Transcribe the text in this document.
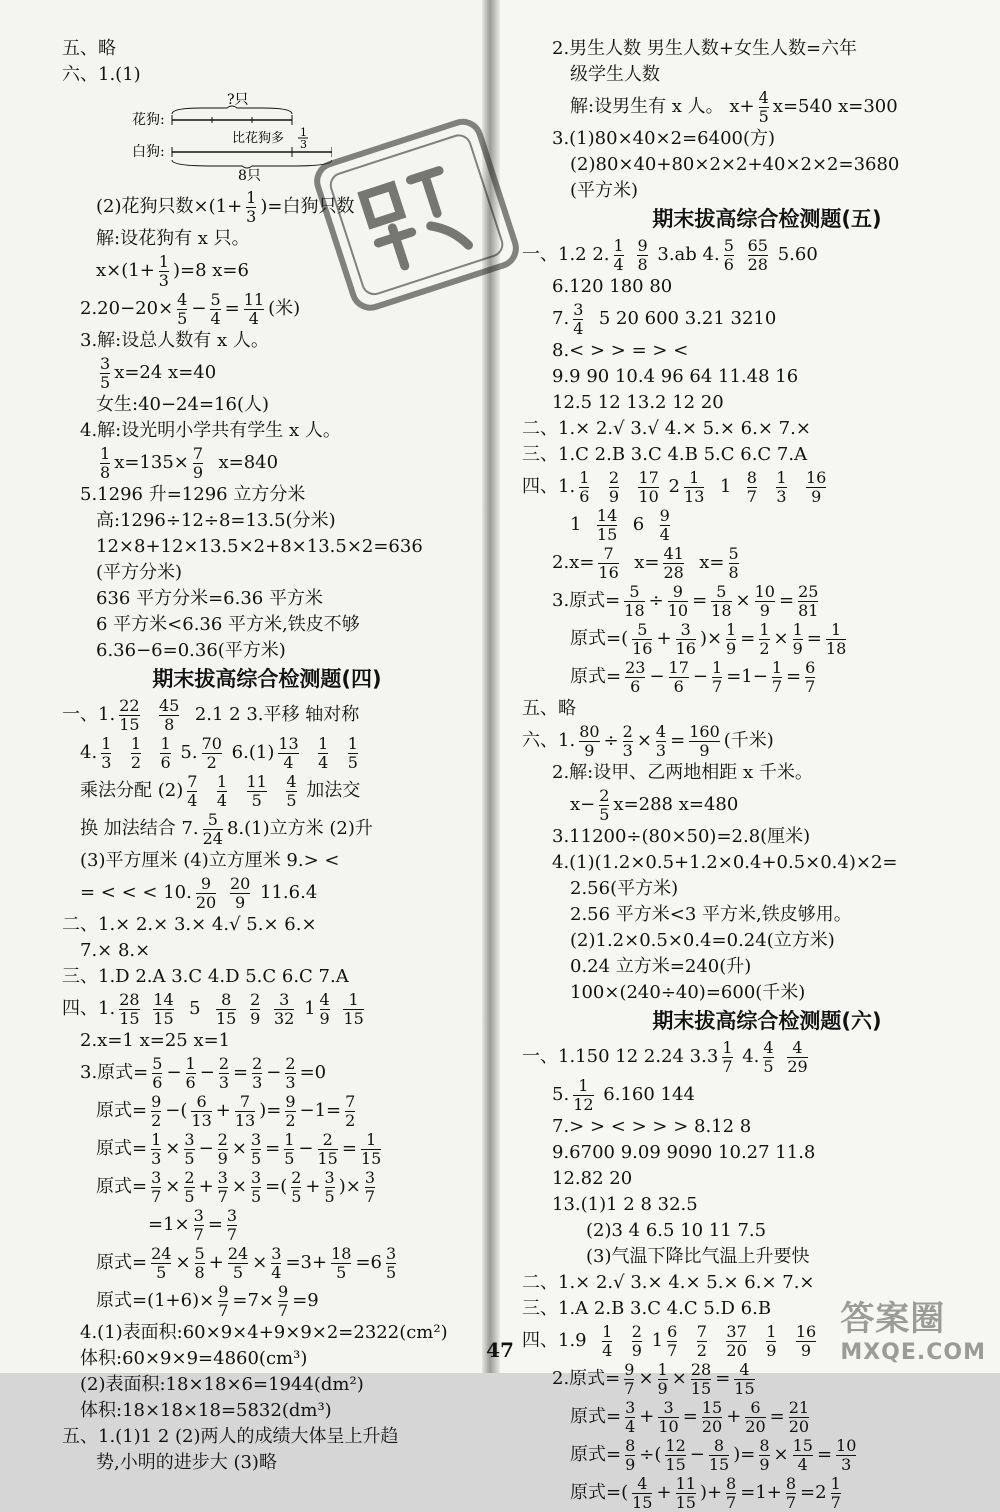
五、略
六、1.(1)
?只
花狗:
比花狗多 1
3
白狗:
8只
(2)花狗只数$\times(1+ \frac{1}{3}$ )=白狗只数
解:设花狗有 x 只。
$x\times(1+ \frac{1}{3} )=8$ x=6
$2.20-20\times \frac{4}{5} - \frac{5}{4} = \frac{11}{4}$ (米)
3.解:设总人数有 x 人。
$\frac{3}{5} x=24$ x=40
女生:40−24=16(人)
4.解:设光明小学共有学生 x 人。
$\frac{1}{8} x=135\times \frac{7}{9} x=840$
5.1296 升=1296 立方分米
高:1296÷12÷8=13.5(分米)
12×8+12×13.5×2+8×13.5×2=636
(平方分米)
636 平方分米=6.36 平方米
6 平方米<6.36 平方米,铁皮不够
6.36−6=0.36(平方米)
期末拔高综合检测题(四)
一、1. $\frac{22}{15}$
$\frac{45}{8} 2.1$ 2 3.平移 轴对称
4. $\frac{1}{3}$
$\frac{1}{2}$
$\frac{1}{6} 5$. $\frac{70}{2} 6.(1) \frac{13}{4}$
$\frac{1}{4}$
$\frac{1}{5}$
乘法分配 $(2) \frac{7}{4}$
$\frac{1}{4}$
$\frac{11}{5}$
$\frac{4}{5}$ 加法交
换 加法结合 7. $\frac{5}{24} 8.(1)$立方米 (2)升
(3)平方厘米 (4)立方厘米 9.> <
= < < < 10. $\frac{9}{20}$
$\frac{20}{9} 11.6.4$
二、1.× 2.× 3.× 4.√ 5.× 6.×
7.× 8.×
三、1.D 2.A 3.C 4.D 5.C 6.C 7.A
四、1. $\frac{28}{15}$
$\frac{14}{15} 5 \frac{8}{15}$
$\frac{2}{9}$
$\frac{3}{32} 1 \frac{4}{9}$
$\frac{1}{15}$
2.x=1 x=25 x=1
3.原式= $\frac{5}{6} - \frac{1}{6} - \frac{2}{3} = \frac{2}{3} - \frac{2}{3} =0$
原式= $\frac{9}{2}$ −( $\frac{6}{13} + \frac{7}{13}$ )= $\frac{9}{2} -1= \frac{7}{2}$
原式= $\frac{1}{3} \times \frac{3}{5} - \frac{2}{9} \times \frac{3}{5} = \frac{1}{5} - \frac{2}{15} = \frac{1}{15}$
原式= $\frac{3}{7} \times \frac{2}{5} + \frac{3}{7} \times \frac{3}{5}$ =( $\frac{2}{5} + \frac{3}{5}$ )× $\frac{3}{7}$
$=1\times \frac{3}{7} = \frac{3}{7}$
原式= $\frac{24}{5} \times \frac{5}{8} + \frac{24}{5} \times \frac{3}{4} =3+ \frac{18}{5} =6 \frac{3}{5}$
原式$=(1+6)\times \frac{9}{7} =7\times \frac{9}{7} =9$
4.(1)表面积:60×9×4+9×9×2=2322(cm²)
体积:60×9×9=4860(cm³)
(2)表面积:18×18×6=1944(dm²)
体积:18×18×18=5832(dm³)
五、1.(1)1 2 (2)两人的成绩大体呈上升趋
势,小明的进步大 (3)略
2.男生人数 男生人数+女生人数=六年
级学生人数
解:设男生有 x 人。 $x+ \frac{4}{5} x=540$ x=300
3.(1)80×40×2=6400(方)
(2)80×40+80×2×2+40×2×2=3680
(平方米)
期末拔高综合检测题(五)
一、1.2 2. $\frac{1}{4}$
$\frac{9}{8} 3.ab$ 4. $\frac{5}{6}$
$\frac{65}{28} 5.60$
6.120 180 80
7. $\frac{3}{4} 5$ 20 600 3.21 3210
8.< > > = > <
9.9 90 10.4 96 64 11.48 16
12.5 12 13.2 12 20
二、1.× 2.√ 3.√ 4.× 5.× 6.× 7.×
三、1.C 2.B 3.C 4.B 5.C 6.C 7.A
四、1. $\frac{1}{6}$
$\frac{2}{9}$
$\frac{17}{10} 2 \frac{1}{13} 1 \frac{8}{7}$
$\frac{1}{3}$
$\frac{16}{9}$
$1 \frac{14}{15} 6 \frac{9}{4}$
$2.x= \frac{7}{16} x= \frac{41}{28} x= \frac{5}{8}$
3.原式= $\frac{5}{18} \div \frac{9}{10} = \frac{5}{18} \times \frac{10}{9} = \frac{25}{81}$
原式=( $\frac{5}{16} + \frac{3}{16}$ )× $\frac{1}{9} = \frac{1}{2} \times \frac{1}{9} = \frac{1}{18}$
原式= $\frac{23}{6} - \frac{17}{6} - \frac{1}{7} =1- \frac{1}{7} = \frac{6}{7}$
五、略
六、1. $\frac{80}{9} \div \frac{2}{3} \times \frac{4}{3} = \frac{160}{9}$ (千米)
2.解:设甲、乙两地相距 x 千米。
$x- \frac{2}{5} x=288$ x=480
3.11200÷(80×50)=2.8(厘米)
4.(1)(1.2×0.5+1.2×0.4+0.5×0.4)×2=
2.56(平方米)
2.56 平方米<3 平方米,铁皮够用。
(2)1.2×0.5×0.4=0.24(立方米)
0.24 立方米=240(升)
100×(240÷40)=600(千米)
期末拔高综合检测题(六)
一、1.150 12 2.24 $3.3 \frac{1}{7} 4$. $\frac{4}{5}$
$\frac{4}{29}$
5. $\frac{1}{12} 6.160$ 144
7.> > < > > > 8.12 8
9.6700 9.09 9090 10.27 11.8
12.82 20
13.(1)1 2 8 32.5
(2)3 4 6.5 10 11 7.5
(3)气温下降比气温上升要快
二、1.× 2.√ 3.× 4.× 5.× 6.× 7.×
三、1.A 2.B 3.C 4.C 5.D 6.B
四、$1.9 \frac{1}{4}$
$\frac{2}{9} 1 \frac{6}{7}$
$\frac{7}{2}$
$\frac{37}{20}$
$\frac{1}{9}$
$\frac{16}{9}$
2.原式= $\frac{9}{7} \times \frac{1}{9} \times \frac{28}{15} = \frac{4}{15}$
原式= $\frac{3}{4} + \frac{3}{10} = \frac{15}{20} + \frac{6}{20} = \frac{21}{20}$
原式= $\frac{8}{9}$ ÷( $\frac{12}{15} - \frac{8}{15}$ )= $\frac{8}{9} \times \frac{15}{4} = \frac{10}{3}$
原式=( $\frac{4}{15} + \frac{11}{15}$ )+ $\frac{8}{7} =1+ \frac{8}{7} =2 \frac{1}{7}$
47
答案圈
MXQE.COM
